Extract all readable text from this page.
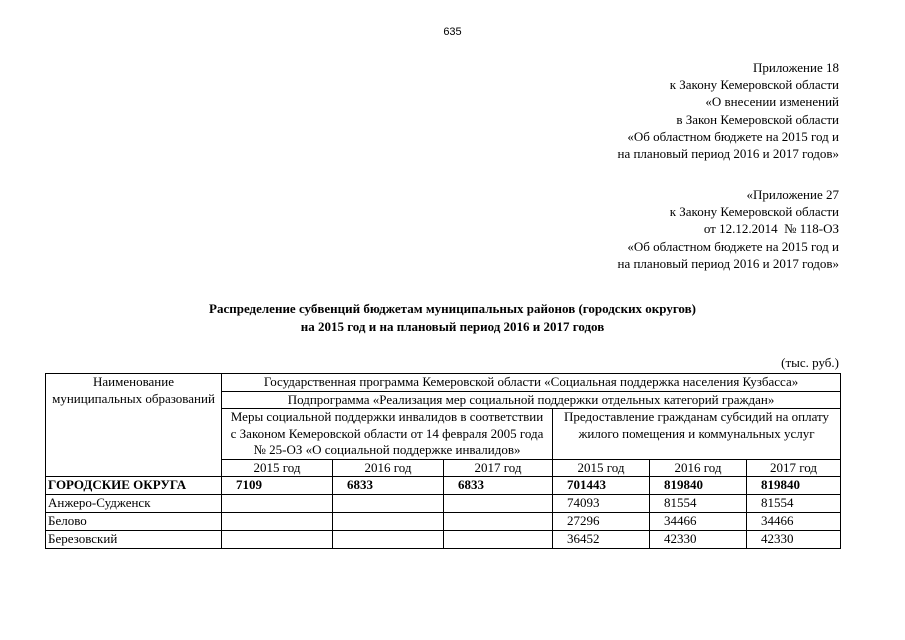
635
Приложение 18
к Закону Кемеровской области
«О внесении изменений
в Закон Кемеровской области
«Об областном бюджете на 2015 год и
на плановый период 2016 и 2017 годов»
«Приложение 27
к Закону Кемеровской области
от 12.12.2014  № 118-ОЗ
«Об областном бюджете на 2015 год и
на плановый период 2016 и 2017 годов»
Распределение субвенций бюджетам муниципальных районов (городских округов)
на 2015 год и на плановый период 2016 и 2017 годов
(тыс. руб.)
Наименование муниципальных образований	Государственная программа Кемеровской области «Социальная поддержка населения Кузбасса»					
	Подпрограмма «Реализация мер социальной поддержки отдельных категорий граждан»					
	Меры социальной поддержки инвалидов в соответствии с Законом Кемеровской области от 14 февраля 2005 года № 25-ОЗ «О социальной поддержке инвалидов»			Предоставление гражданам субсидий на оплату жилого помещения и коммунальных услуг		
	2015 год	2016 год	2017 год	2015 год	2016 год	2017 год
ГОРОДСКИЕ ОКРУГА	7109	6833	6833	701443	819840	819840
Анжеро-Судженск				74093	81554	81554
Белово				27296	34466	34466
Березовский				36452	42330	42330
